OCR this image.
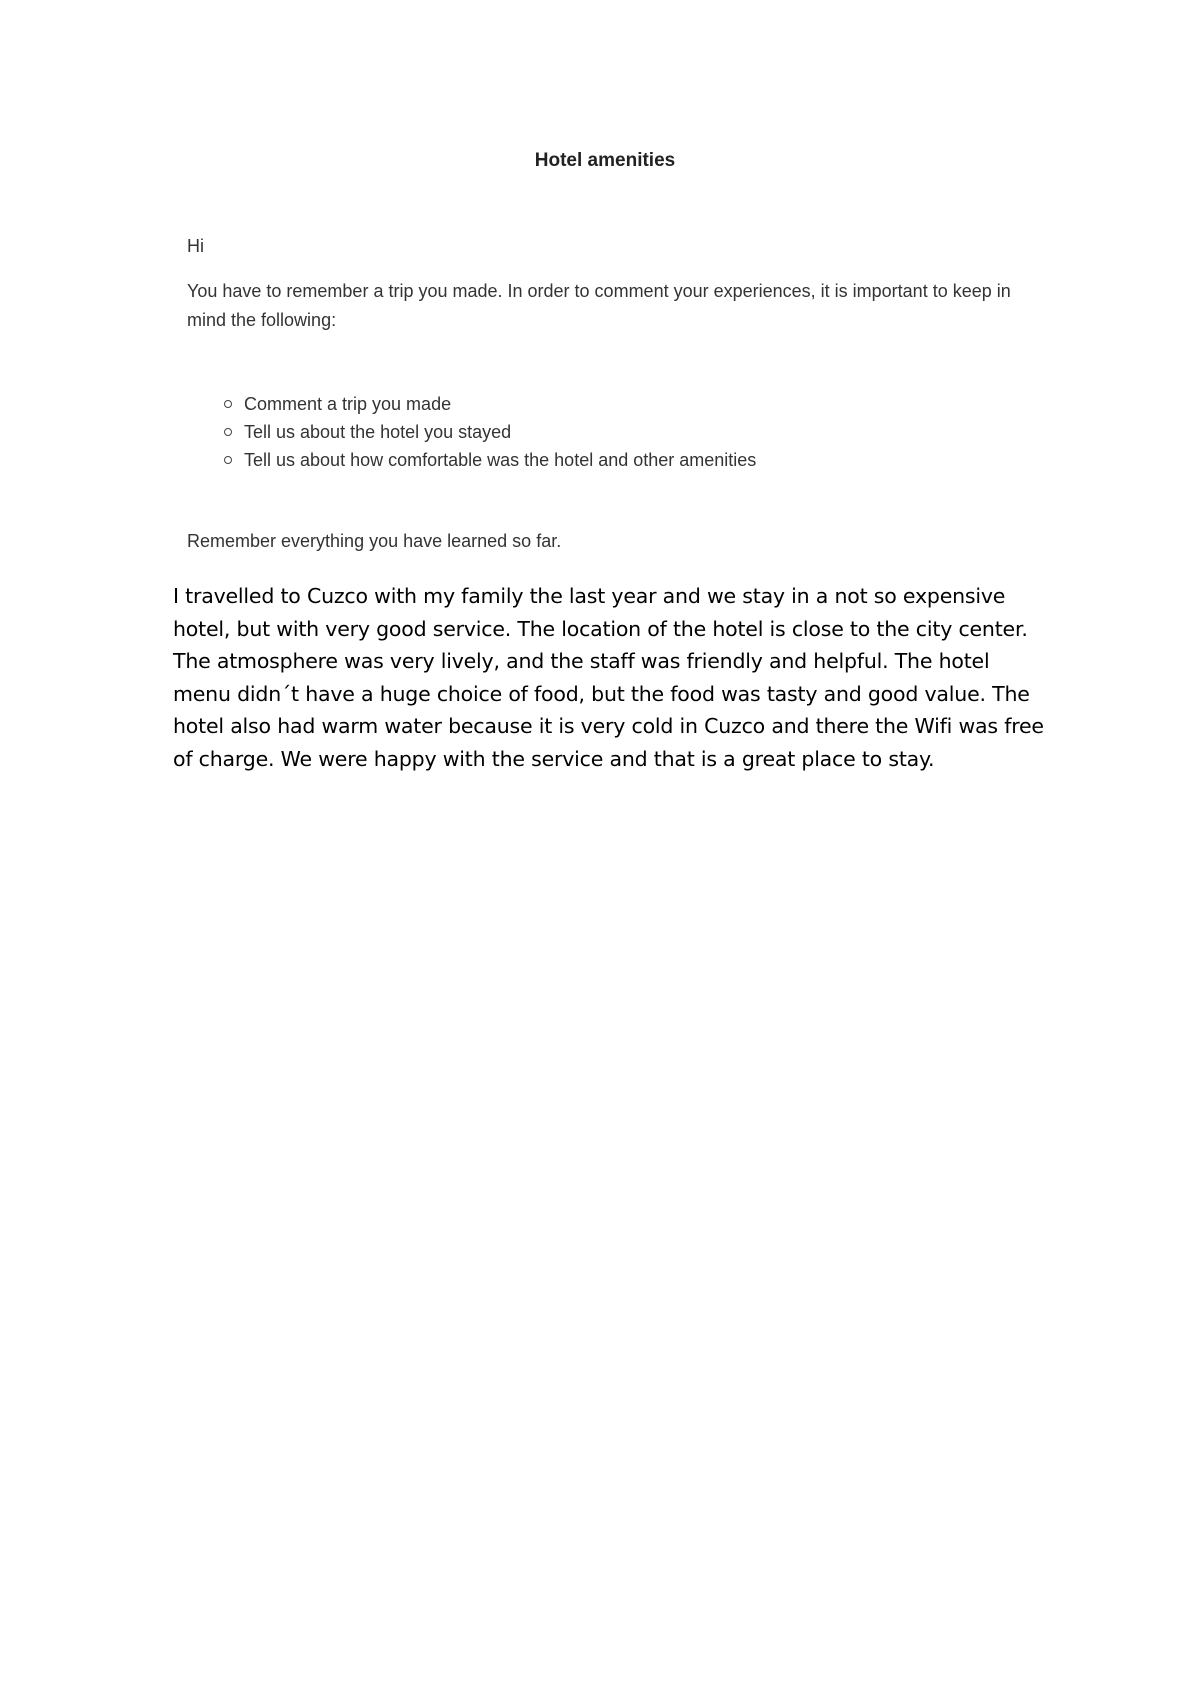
Hotel amenities

Hi

You have to remember a trip you made. In order to comment your experiences, it is important to keep in mind the following:

Comment a trip you made
Tell us about the hotel you stayed
Tell us about how comfortable was the hotel and other amenities

Remember everything you have learned so far.

I travelled to Cuzco with my family the last year and we stay in a not so expensive hotel, but with very good service. The location of the hotel is close to the city center. The atmosphere was very lively, and the staff was friendly and helpful. The hotel menu didn´t have a huge choice of food, but the food was tasty and good value. The hotel also had warm water because it is very cold in Cuzco and there the Wifi was free of charge. We were happy with the service and that is a great place to stay.
